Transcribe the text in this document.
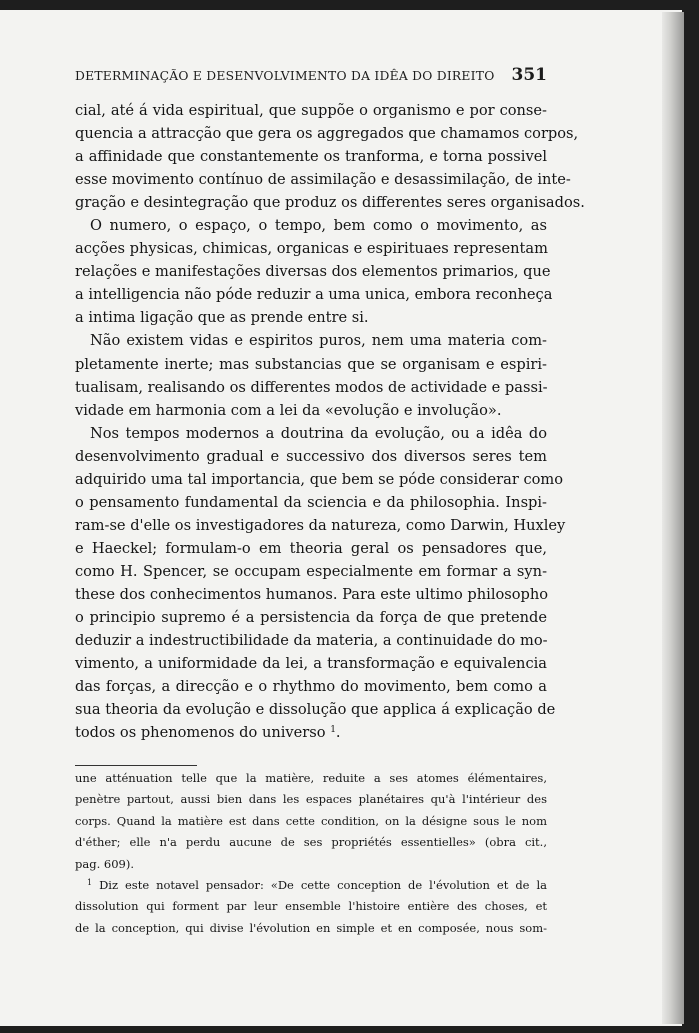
DETERMINAÇÃO E DESENVOLVIMENTO DA IDÊA DO DIREITO 351
cial, até á vida espiritual, que suppõe o organismo e por conse-
quencia a attracção que gera os aggregados que chamamos corpos,
a affinidade que constantemente os tranforma, e torna possivel
esse movimento contínuo de assimilação e desassimilação, de inte-
gração e desintegração que produz os differentes seres organisados.
O numero, o espaço, o tempo, bem como o movimento, as
acções physicas, chimicas, organicas e espirituaes representam
relações e manifestações diversas dos elementos primarios, que
a intelligencia não póde reduzir a uma unica, embora reconheça
a intima ligação que as prende entre si.
Não existem vidas e espiritos puros, nem uma materia com-
pletamente inerte; mas substancias que se organisam e espiri-
tualisam, realisando os differentes modos de actividade e passi-
vidade em harmonia com a lei da «evolução e involução».
Nos tempos modernos a doutrina da evolução, ou a idêa do
desenvolvimento gradual e successivo dos diversos seres tem
adquirido uma tal importancia, que bem se póde considerar como
o pensamento fundamental da sciencia e da philosophia. Inspi-
ram-se d'elle os investigadores da natureza, como Darwin, Huxley
e Haeckel; formulam-o em theoria geral os pensadores que,
como H. Spencer, se occupam especialmente em formar a syn-
these dos conhecimentos humanos. Para este ultimo philosopho
o principio supremo é a persistencia da força de que pretende
deduzir a indestructibilidade da materia, a continuidade do mo-
vimento, a uniformidade da lei, a transformação e equivalencia
das forças, a direcção e o rhythmo do movimento, bem como a
sua theoria da evolução e dissolução que applica á explicação de
todos os phenomenos do universo $^1$.
une atténuation telle que la matière, reduite a ses atomes élémentaires,
penètre partout, aussi bien dans les espaces planétaires qu'à l'intérieur des
corps. Quand la matière est dans cette condition, on la désigne sous le nom
d'éther; elle n'a perdu aucune de ses propriétés essentielles» (obra cit.,
pag. 609).
$^1$ Diz este notavel pensador: «De cette conception de l'évolution et de la
dissolution qui forment par leur ensemble l'histoire entière des choses, et
de la conception, qui divise l'évolution en simple et en composée, nous som-
